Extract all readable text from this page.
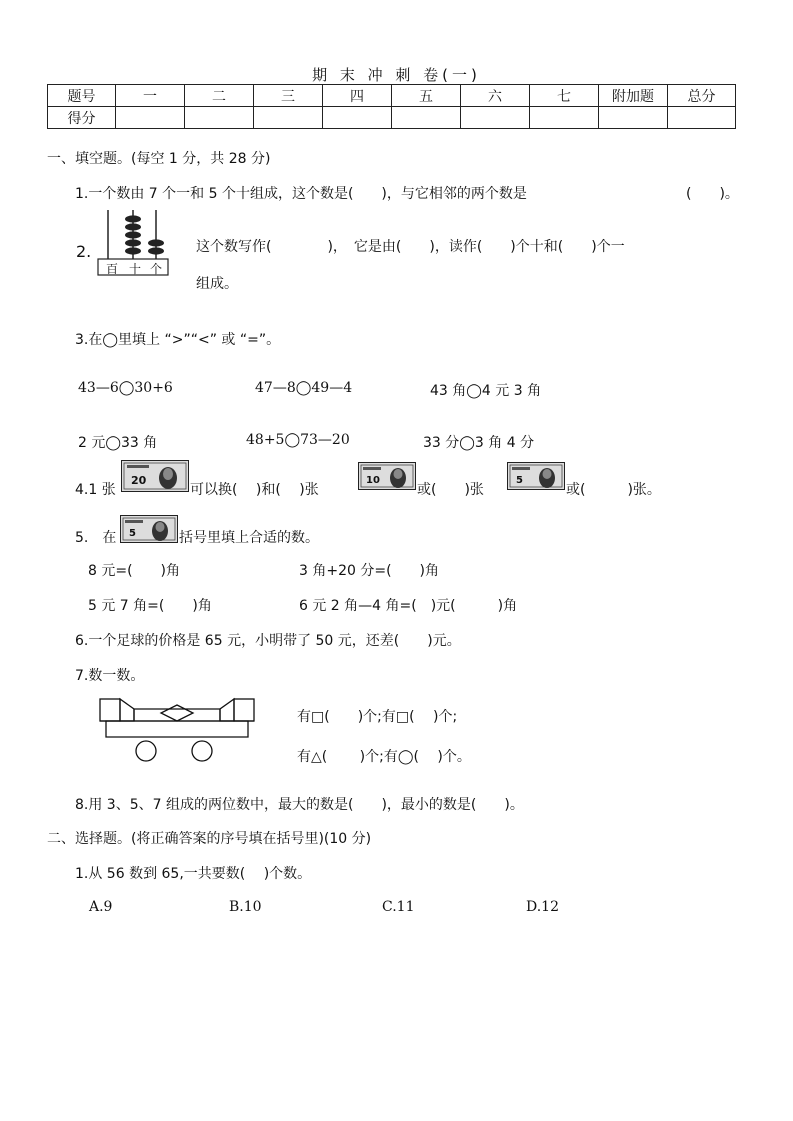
期 末 冲 刺 卷(一)
题号	一	二	三	四	五	六	七	附加题	总分
得分									
一、填空题。(每空 1 分，共 28 分)
1.一个数由 7 个一和 5 个十组成，这个数是(　　)，与它相邻的两个数是	(　　)。
2.
百 十 个
这个数写作(　　　　)，　它是由(　　)，读作(　　)个十和(　　)个一
组成。
3.在◯里填上 “>”“<” 或 “=”。
43—6◯30+6	47—8◯49—4	43 角◯4 元 3 角
2 元◯33 角	48+5◯73—20	33 分◯3 角 4 分
4.1 张
20
可以换(　 )和(　 )张
10
或(　　)张
5
或(　　　)张。
5.　在 5	括号里填上合适的数。
8 元=(　　)角	3 角+20 分=(　　)角
5 元 7 角=(　　)角	6 元 2 角—4 角=(　)元(　　　)角
6.一个足球的价格是 65 元，小明带了 50 元，还差(　　)元。
7.数一数。
有□(　　)个;有□(　 )个;
有△(　　 )个;有◯(　 )个。
8.用 3、5、7 组成的两位数中，最大的数是(　　)，最小的数是(　　)。
二、选择题。(将正确答案的序号填在括号里)(10 分)
1.从 56 数到 65,一共要数(　 )个数。
A.9	B.10	C.11	D.12
